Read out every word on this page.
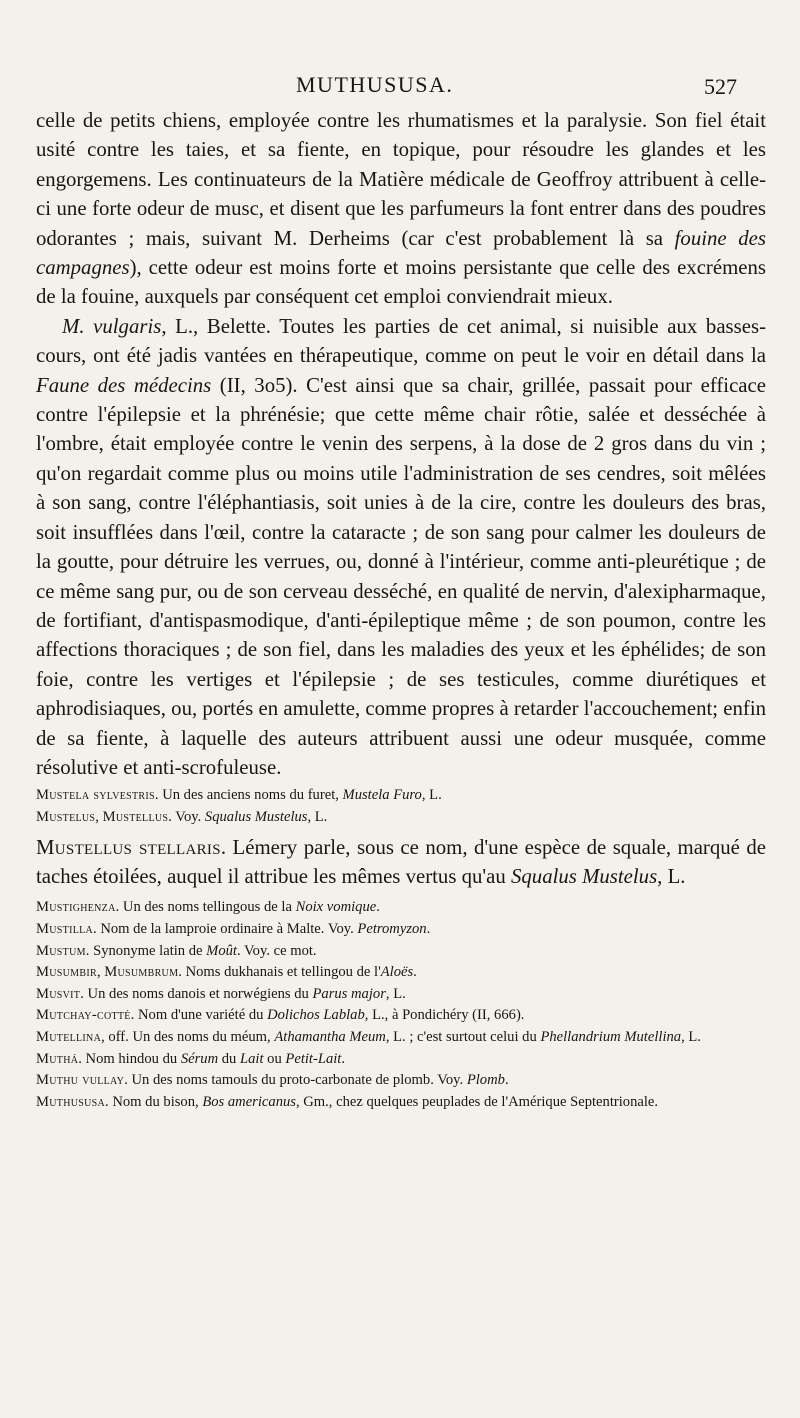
MUTHUSUSA.	527

celle de petits chiens, employée contre les rhumatismes et la paralysie. Son fiel était usité contre les taies, et sa fiente, en topique, pour résoudre les glandes et les engorgemens. Les continuateurs de la Matière médicale de Geoffroy attribuent à celle-ci une forte odeur de musc, et disent que les parfumeurs la font entrer dans des poudres odorantes ; mais, suivant M. Derheims (car c'est probablement là sa fouine des campagnes), cette odeur est moins forte et moins persistante que celle des excrémens de la fouine, auxquels par conséquent cet emploi conviendrait mieux.

M. vulgaris, L., Belette. Toutes les parties de cet animal, si nuisible aux basses-cours, ont été jadis vantées en thérapeutique, comme on peut le voir en détail dans la Faune des médecins (II, 3o5). C'est ainsi que sa chair, grillée, passait pour efficace contre l'épilepsie et la phrénésie; que cette même chair rôtie, salée et desséchée à l'ombre, était employée contre le venin des serpens, à la dose de 2 gros dans du vin ; qu'on regardait comme plus ou moins utile l'administration de ses cendres, soit mêlées à son sang, contre l'éléphantiasis, soit unies à de la cire, contre les douleurs des bras, soit insufflées dans l'œil, contre la cataracte ; de son sang pour calmer les douleurs de la goutte, pour détruire les verrues, ou, donné à l'intérieur, comme anti-pleurétique ; de ce même sang pur, ou de son cerveau desséché, en qualité de nervin, d'alexipharmaque, de fortifiant, d'antispasmodique, d'anti-épileptique même ; de son poumon, contre les affections thoraciques ; de son fiel, dans les maladies des yeux et les éphélides; de son foie, contre les vertiges et l'épilepsie ; de ses testicules, comme diurétiques et aphrodisiaques, ou, portés en amulette, comme propres à retarder l'accouchement; enfin de sa fiente, à laquelle des auteurs attribuent aussi une odeur musquée, comme résolutive et anti-scrofuleuse.

Mustela sylvestris. Un des anciens noms du furet, Mustela Furo, L.

Mustelus, Mustellus. Voy. Squalus Mustelus, L.

Mustellus stellaris. Lémery parle, sous ce nom, d'une espèce de squale, marqué de taches étoilées, auquel il attribue les mêmes vertus qu'au Squalus Mustelus, L.

Mustighenza. Un des noms tellingous de la Noix vomique.

Mustilla. Nom de la lamproie ordinaire à Malte. Voy. Petromyzon.

Mustum. Synonyme latin de Moût. Voy. ce mot.

Musumbir, Musumbrum. Noms dukhanais et tellingou de l'Aloës.

Musvit. Un des noms danois et norwégiens du Parus major, L.

Mutchay-cotté. Nom d'une variété du Dolichos Lablab, L., à Pondichéry (II, 666).

Mutellina, off. Un des noms du méum, Athamantha Meum, L. ; c'est surtout celui du Phellandrium Mutellina, L.

Muthá. Nom hindou du Sérum du Lait ou Petit-Lait.

Muthu vullay. Un des noms tamouls du proto-carbonate de plomb. Voy. Plomb.

Muthususa. Nom du bison, Bos americanus, Gm., chez quelques peuplades de l'Amérique Septentrionale.
